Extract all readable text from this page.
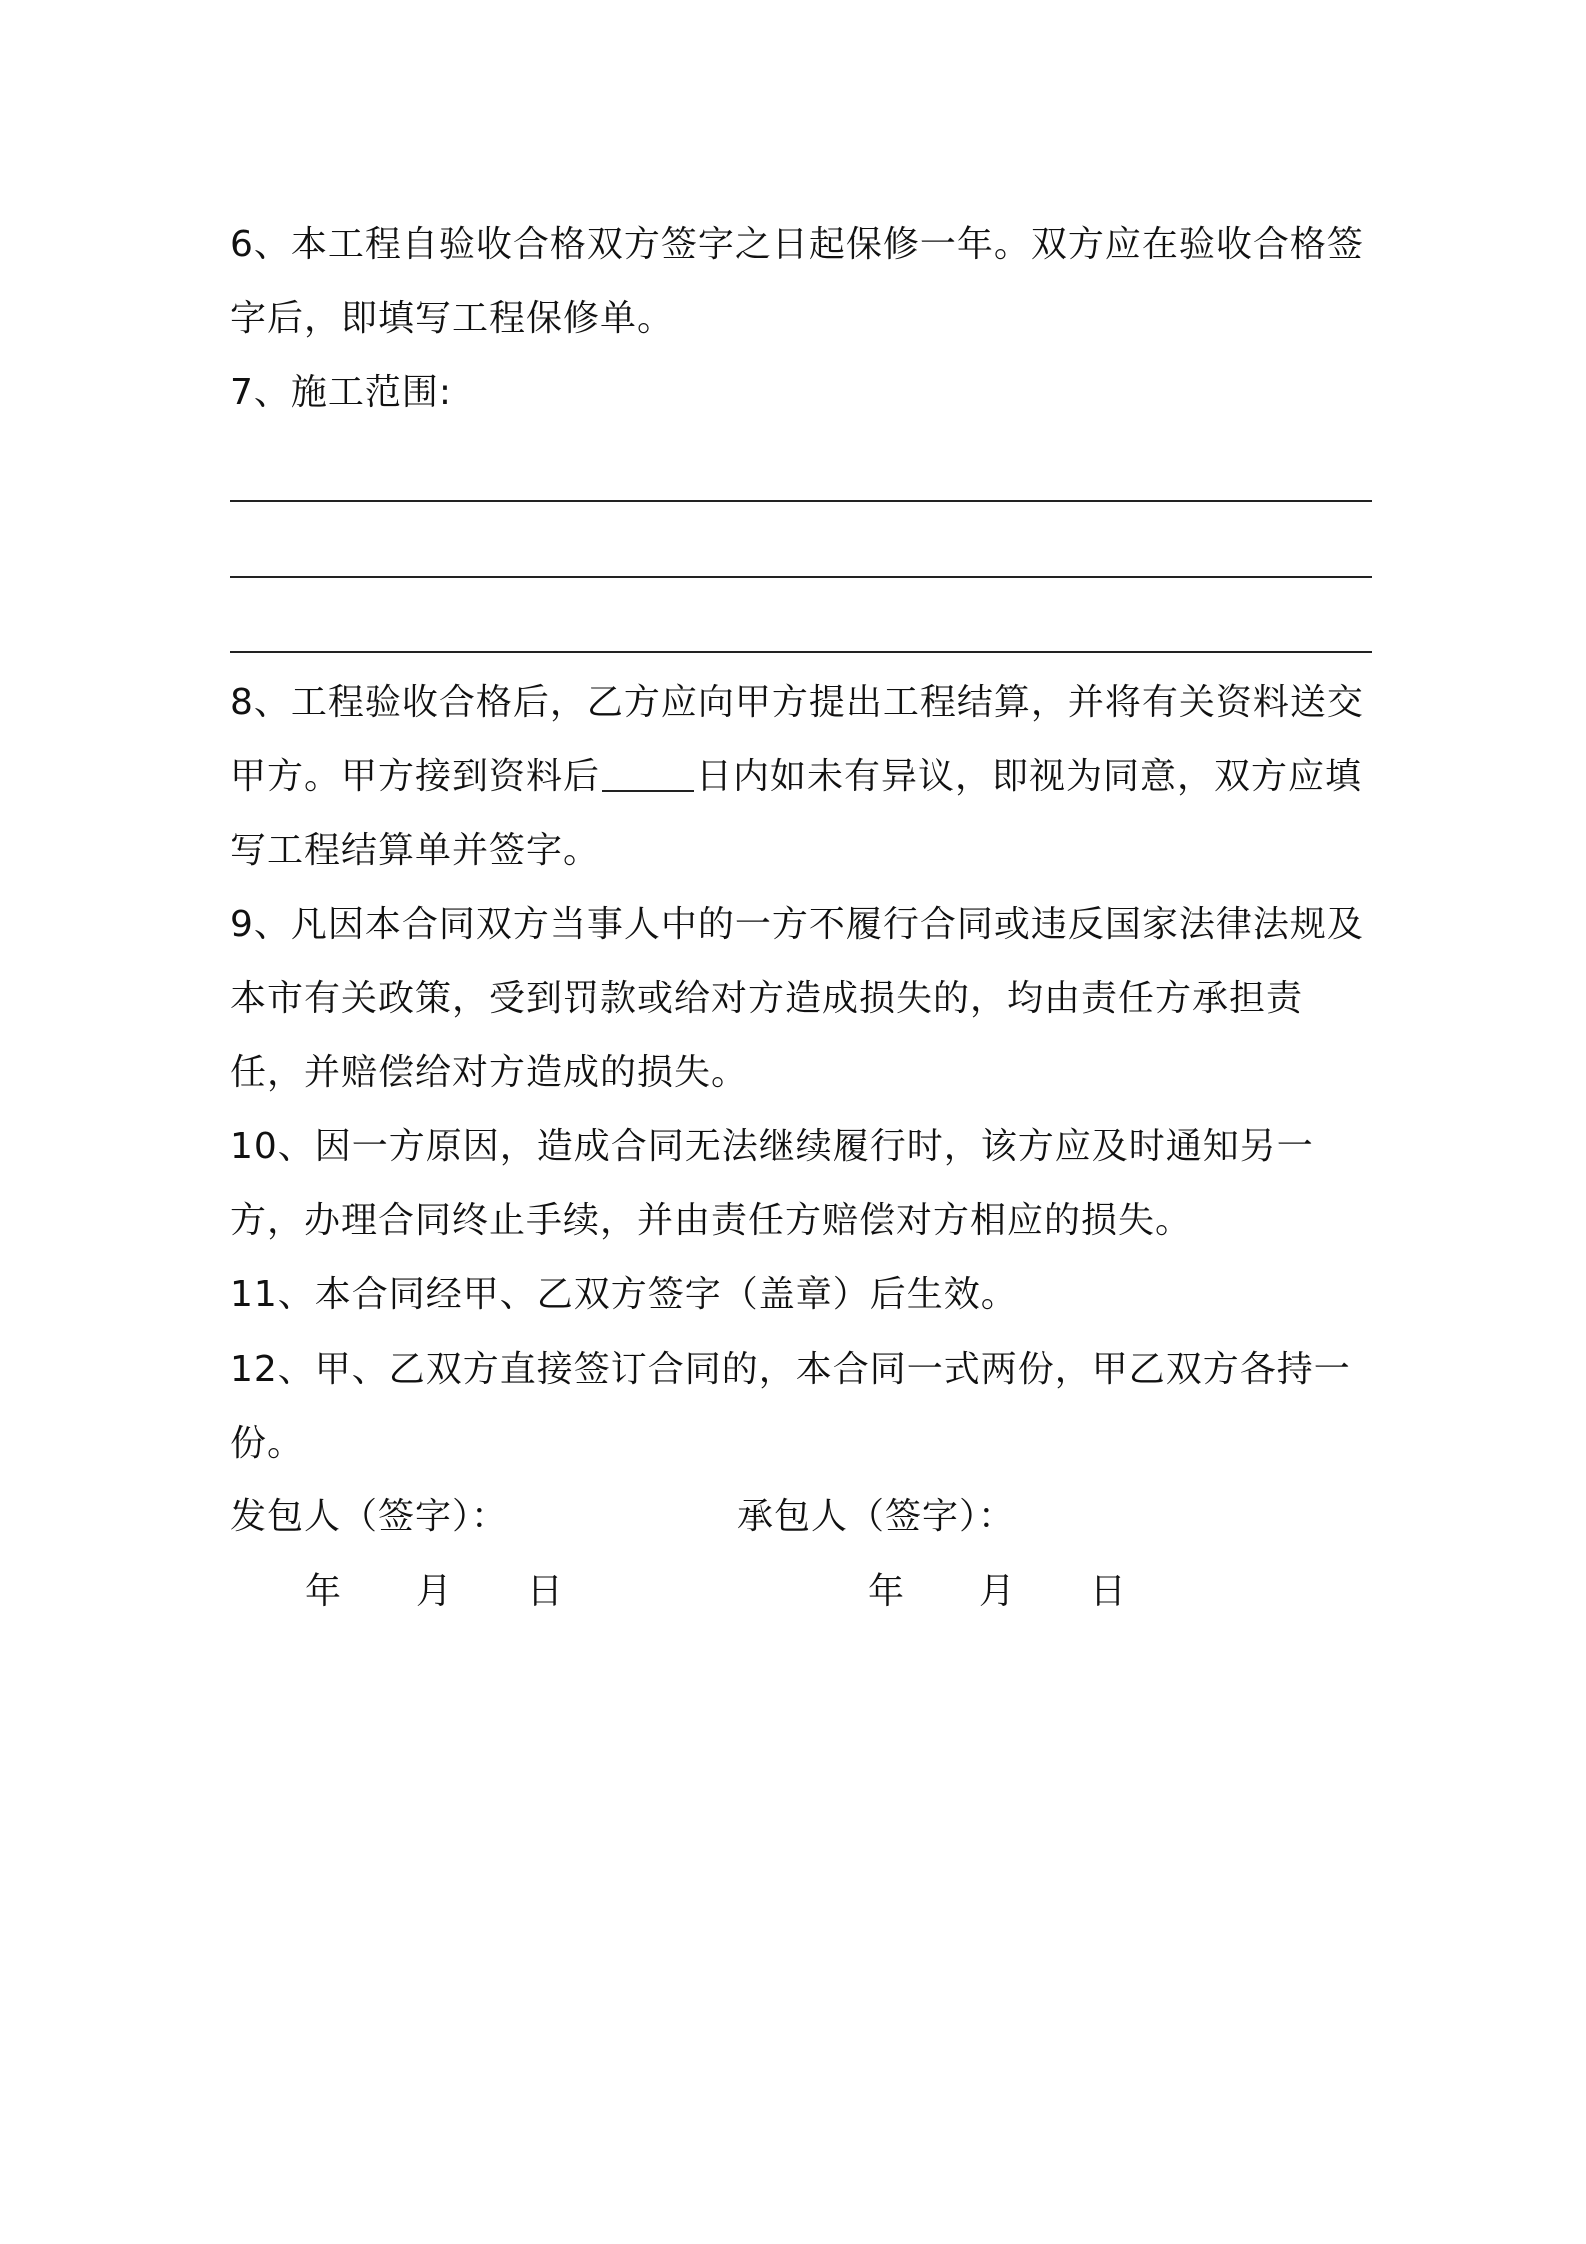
6、本工程自验收合格双方签字之日起保修一年。双方应在验收合格签字后，即填写工程保修单。
7、施工范围:
8、工程验收合格后，乙方应向甲方提出工程结算，并将有关资料送交甲方。甲方接到资料后	日内如未有异议，即视为同意，双方应填写工程结算单并签字。
9、凡因本合同双方当事人中的一方不履行合同或违反国家法律法规及本市有关政策，受到罚款或给对方造成损失的，均由责任方承担责任，并赔偿给对方造成的损失。
10、因一方原因，造成合同无法继续履行时，该方应及时通知另一方，办理合同终止手续，并由责任方赔偿对方相应的损失。
11、本合同经甲、乙双方签字（盖章）后生效。
12、甲、乙双方直接签订合同的，本合同一式两份，甲乙双方各持一份。
发包人（签字）：	承包人（签字）：
年 月 日	年 月 日
